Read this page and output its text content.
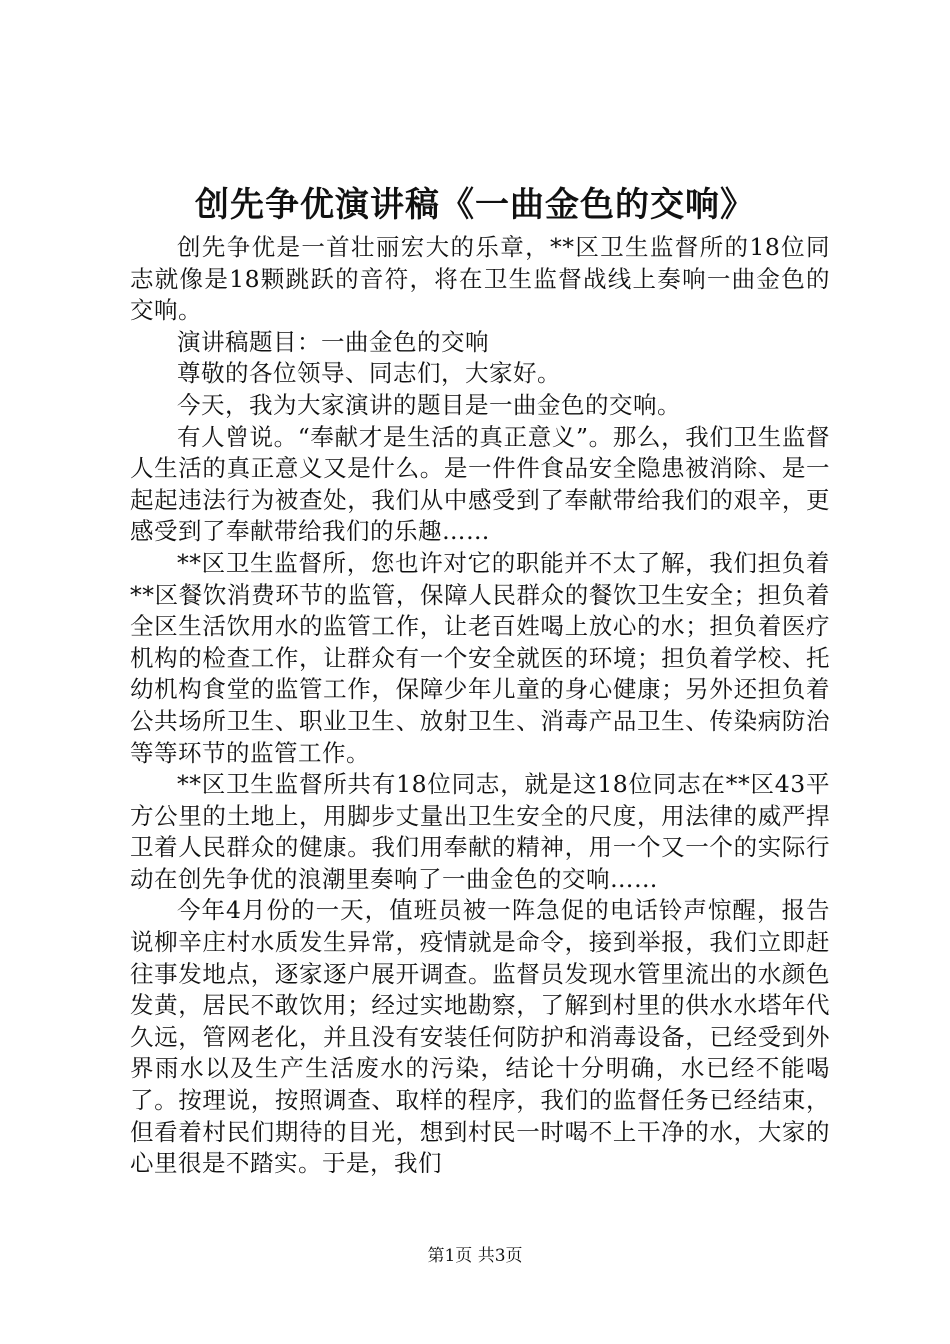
创先争优演讲稿《一曲金色的交响》

创先争优是一首壮丽宏大的乐章，**区卫生监督所的18位同志就像是18颗跳跃的音符，将在卫生监督战线上奏响一曲金色的交响。

演讲稿题目：一曲金色的交响

尊敬的各位领导、同志们，大家好。

今天，我为大家演讲的题目是一曲金色的交响。

有人曾说。“奉献才是生活的真正意义”。那么，我们卫生监督人生活的真正意义又是什么。是一件件食品安全隐患被消除、是一起起违法行为被查处，我们从中感受到了奉献带给我们的艰辛，更感受到了奉献带给我们的乐趣……

**区卫生监督所，您也许对它的职能并不太了解，我们担负着**区餐饮消费环节的监管，保障人民群众的餐饮卫生安全；担负着全区生活饮用水的监管工作，让老百姓喝上放心的水；担负着医疗机构的检查工作，让群众有一个安全就医的环境；担负着学校、托幼机构食堂的监管工作，保障少年儿童的身心健康；另外还担负着公共场所卫生、职业卫生、放射卫生、消毒产品卫生、传染病防治等等环节的监管工作。

**区卫生监督所共有18位同志，就是这18位同志在**区43平方公里的土地上，用脚步丈量出卫生安全的尺度，用法律的威严捍卫着人民群众的健康。我们用奉献的精神，用一个又一个的实际行动在创先争优的浪潮里奏响了一曲金色的交响……

今年4月份的一天，值班员被一阵急促的电话铃声惊醒，报告说柳辛庄村水质发生异常，疫情就是命令，接到举报，我们立即赶往事发地点，逐家逐户展开调查。监督员发现水管里流出的水颜色发黄，居民不敢饮用；经过实地勘察，了解到村里的供水水塔年代久远，管网老化，并且没有安装任何防护和消毒设备，已经受到外界雨水以及生产生活废水的污染，结论十分明确，水已经不能喝了。按理说，按照调查、取样的程序，我们的监督任务已经结束，但看着村民们期待的目光，想到村民一时喝不上干净的水，大家的心里很是不踏实。于是，我们

第1页 共3页
